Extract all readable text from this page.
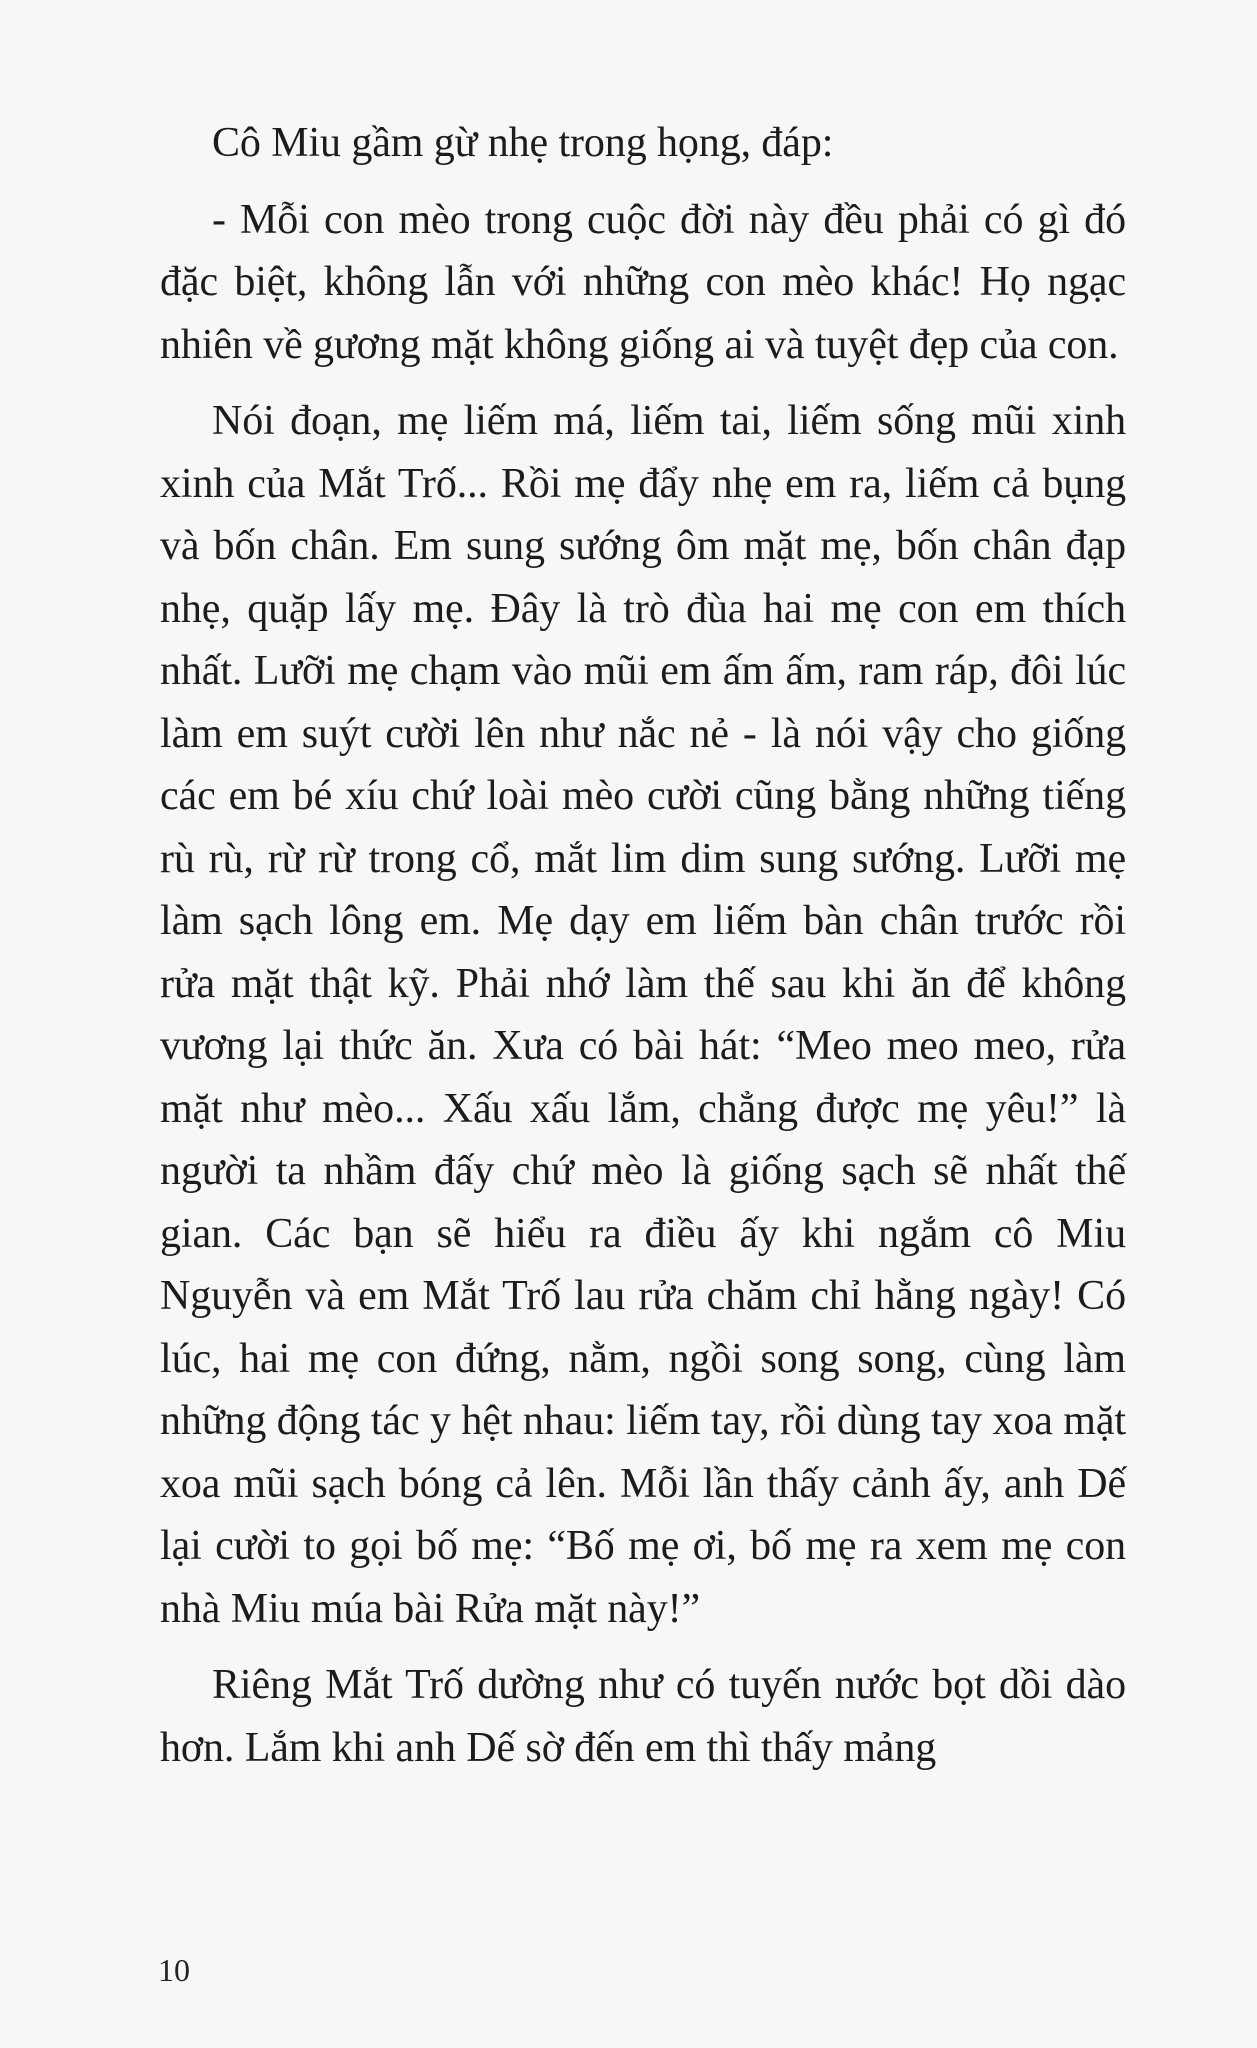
Cô Miu gầm gừ nhẹ trong họng, đáp:

- Mỗi con mèo trong cuộc đời này đều phải có gì đó đặc biệt, không lẫn với những con mèo khác! Họ ngạc nhiên về gương mặt không giống ai và tuyệt đẹp của con.

Nói đoạn, mẹ liếm má, liếm tai, liếm sống mũi xinh xinh của Mắt Trố... Rồi mẹ đẩy nhẹ em ra, liếm cả bụng và bốn chân. Em sung sướng ôm mặt mẹ, bốn chân đạp nhẹ, quặp lấy mẹ. Đây là trò đùa hai mẹ con em thích nhất. Lưỡi mẹ chạm vào mũi em ấm ấm, ram ráp, đôi lúc làm em suýt cười lên như nắc nẻ - là nói vậy cho giống các em bé xíu chứ loài mèo cười cũng bằng những tiếng rù rù, rừ rừ trong cổ, mắt lim dim sung sướng. Lưỡi mẹ làm sạch lông em. Mẹ dạy em liếm bàn chân trước rồi rửa mặt thật kỹ. Phải nhớ làm thế sau khi ăn để không vương lại thức ăn. Xưa có bài hát: “Meo meo meo, rửa mặt như mèo... Xấu xấu lắm, chẳng được mẹ yêu!” là người ta nhầm đấy chứ mèo là giống sạch sẽ nhất thế gian. Các bạn sẽ hiểu ra điều ấy khi ngắm cô Miu Nguyễn và em Mắt Trố lau rửa chăm chỉ hằng ngày! Có lúc, hai mẹ con đứng, nằm, ngồi song song, cùng làm những động tác y hệt nhau: liếm tay, rồi dùng tay xoa mặt xoa mũi sạch bóng cả lên. Mỗi lần thấy cảnh ấy, anh Dế lại cười to gọi bố mẹ: “Bố mẹ ơi, bố mẹ ra xem mẹ con nhà Miu múa bài Rửa mặt này!”

Riêng Mắt Trố dường như có tuyến nước bọt dồi dào hơn. Lắm khi anh Dế sờ đến em thì thấy mảng

10
